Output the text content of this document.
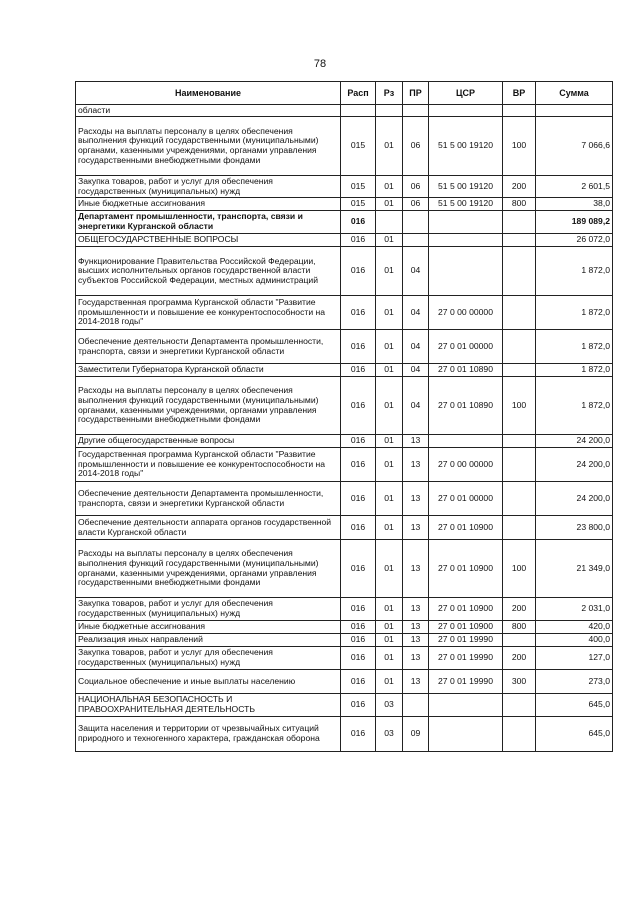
78
Наименование	Расп	Рз	ПР	ЦСР	ВР	Сумма
области						
Расходы на выплаты персоналу в целях обеспечения выполнения функций государственными (муниципальными) органами, казенными учреждениями, органами управления государственными внебюджетными фондами	015	01	06	51 5 00 19120	100	7 066,6
Закупка товаров, работ и услуг для обеспечения государственных (муниципальных) нужд	015	01	06	51 5 00 19120	200	2 601,5
Иные бюджетные ассигнования	015	01	06	51 5 00 19120	800	38,0
Департамент промышленности, транспорта, связи и энергетики Курганской области	016					189 089,2
ОБЩЕГОСУДАРСТВЕННЫЕ ВОПРОСЫ	016	01				26 072,0
Функционирование Правительства Российской Федерации, высших исполнительных органов государственной власти субъектов Российской Федерации, местных администраций	016	01	04			1 872,0
Государственная программа Курганской области "Развитие промышленности и повышение ее конкурентоспособности на 2014-2018 годы"	016	01	04	27 0 00 00000		1 872,0
Обеспечение деятельности Департамента промышленности, транспорта, связи и энергетики Курганской области	016	01	04	27 0 01 00000		1 872,0
Заместители Губернатора Курганской области	016	01	04	27 0 01 10890		1 872,0
Расходы на выплаты персоналу в целях обеспечения выполнения функций государственными (муниципальными) органами, казенными учреждениями, органами управления государственными внебюджетными фондами	016	01	04	27 0 01 10890	100	1 872,0
Другие общегосударственные вопросы	016	01	13			24 200,0
Государственная программа Курганской области "Развитие промышленности и повышение ее конкурентоспособности на 2014-2018 годы"	016	01	13	27 0 00 00000		24 200,0
Обеспечение деятельности Департамента промышленности, транспорта, связи и энергетики Курганской области	016	01	13	27 0 01 00000		24 200,0
Обеспечение деятельности аппарата органов государственной власти Курганской области	016	01	13	27 0 01 10900		23 800,0
Расходы на выплаты персоналу в целях обеспечения выполнения функций государственными (муниципальными) органами, казенными учреждениями, органами управления государственными внебюджетными фондами	016	01	13	27 0 01 10900	100	21 349,0
Закупка товаров, работ и услуг для обеспечения государственных (муниципальных) нужд	016	01	13	27 0 01 10900	200	2 031,0
Иные бюджетные ассигнования	016	01	13	27 0 01 10900	800	420,0
Реализация иных направлений	016	01	13	27 0 01 19990		400,0
Закупка товаров, работ и услуг для обеспечения государственных (муниципальных) нужд	016	01	13	27 0 01 19990	200	127,0
Социальное обеспечение и иные выплаты населению	016	01	13	27 0 01 19990	300	273,0
НАЦИОНАЛЬНАЯ БЕЗОПАСНОСТЬ И ПРАВООХРАНИТЕЛЬНАЯ ДЕЯТЕЛЬНОСТЬ	016	03				645,0
Защита населения и территории от чрезвычайных ситуаций природного и техногенного характера, гражданская оборона	016	03	09			645,0
